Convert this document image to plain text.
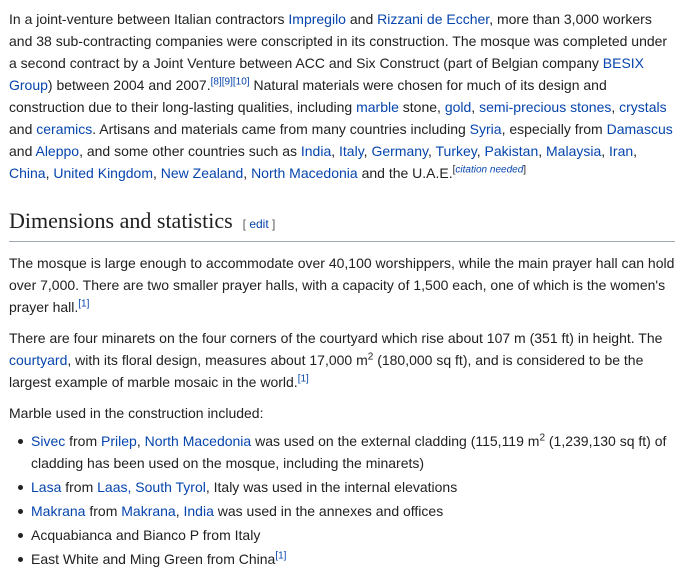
In a joint-venture between Italian contractors Impregilo and Rizzani de Eccher, more than 3,000 workers and 38 sub-contracting companies were conscripted in its construction. The mosque was completed under a second contract by a Joint Venture between ACC and Six Construct (part of Belgian company BESIX Group) between 2004 and 2007.[8][9][10] Natural materials were chosen for much of its design and construction due to their long-lasting qualities, including marble stone, gold, semi-precious stones, crystals and ceramics. Artisans and materials came from many countries including Syria, especially from Damascus and Aleppo, and some other countries such as India, Italy, Germany, Turkey, Pakistan, Malaysia, Iran, China, United Kingdom, New Zealand, North Macedonia and the U.A.E.[citation needed]

Dimensions and statistics [ edit ]

The mosque is large enough to accommodate over 40,100 worshippers, while the main prayer hall can hold over 7,000. There are two smaller prayer halls, with a capacity of 1,500 each, one of which is the women's prayer hall.[1]

There are four minarets on the four corners of the courtyard which rise about 107 m (351 ft) in height. The courtyard, with its floral design, measures about 17,000 $m^2$ (180,000 sq ft), and is considered to be the largest example of marble mosaic in the world.[1]

Marble used in the construction included:

Sivec from Prilep, North Macedonia was used on the external cladding (115,119 $m^2$ (1,239,130 sq ft) of cladding has been used on the mosque, including the minarets)
Lasa from Laas, South Tyrol, Italy was used in the internal elevations
Makrana from Makrana, India was used in the annexes and offices
Acquabianca and Bianco P from Italy
East White and Ming Green from China[1]
